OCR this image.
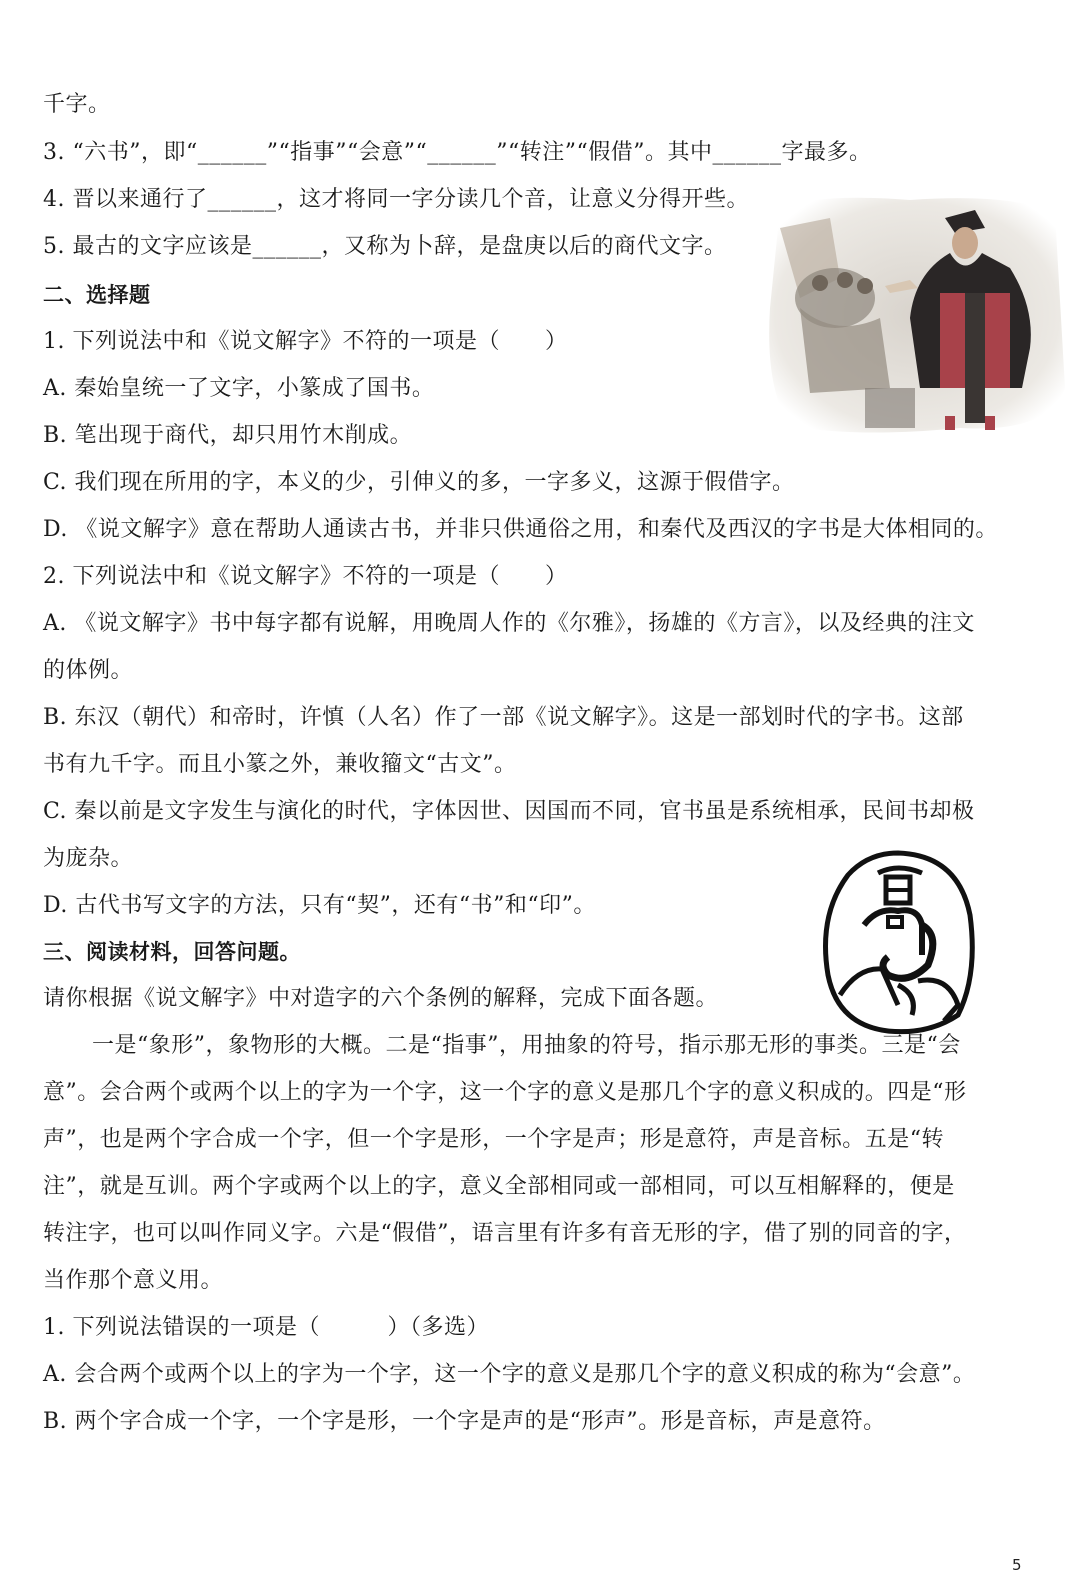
千字。
3. “六书”，即“______”“指事”“会意”“______”“转注”“假借”。其中______字最多。
4. 晋以来通行了______，这才将同一字分读几个音，让意义分得开些。
5. 最古的文字应该是______，又称为卜辞，是盘庚以后的商代文字。
二、选择题
1. 下列说法中和《说文解字》不符的一项是（　　）
A. 秦始皇统一了文字，小篆成了国书。
B. 笔出现于商代，却只用竹木削成。
C. 我们现在所用的字，本义的少，引伸义的多，一字多义，这源于假借字。
D. 《说文解字》意在帮助人通读古书，并非只供通俗之用，和秦代及西汉的字书是大体相同的。
2. 下列说法中和《说文解字》不符的一项是（　　）
A. 《说文解字》书中每字都有说解，用晚周人作的《尔雅》，扬雄的《方言》，以及经典的注文
的体例。
B. 东汉（朝代）和帝时，许慎（人名）作了一部《说文解字》。这是一部划时代的字书。这部
书有九千字。而且小篆之外，兼收籀文“古文”。
C. 秦以前是文字发生与演化的时代，字体因世、因国而不同，官书虽是系统相承，民间书却极
为庞杂。
D. 古代书写文字的方法，只有“契”，还有“书”和“印”。
三、阅读材料，回答问题。
请你根据《说文解字》中对造字的六个条例的解释，完成下面各题。
一是“象形”，象物形的大概。二是“指事”，用抽象的符号，指示那无形的事类。三是“会
意”。会合两个或两个以上的字为一个字，这一个字的意义是那几个字的意义积成的。四是“形
声”，也是两个字合成一个字，但一个字是形，一个字是声；形是意符，声是音标。五是“转
注”，就是互训。两个字或两个以上的字，意义全部相同或一部相同，可以互相解释的，便是
转注字，也可以叫作同义字。六是“假借”，语言里有许多有音无形的字，借了别的同音的字，
当作那个意义用。
1. 下列说法错误的一项是（　　　）（多选）
A. 会合两个或两个以上的字为一个字，这一个字的意义是那几个字的意义积成的称为“会意”。
B. 两个字合成一个字，一个字是形，一个字是声的是“形声”。形是音标，声是意符。
5
